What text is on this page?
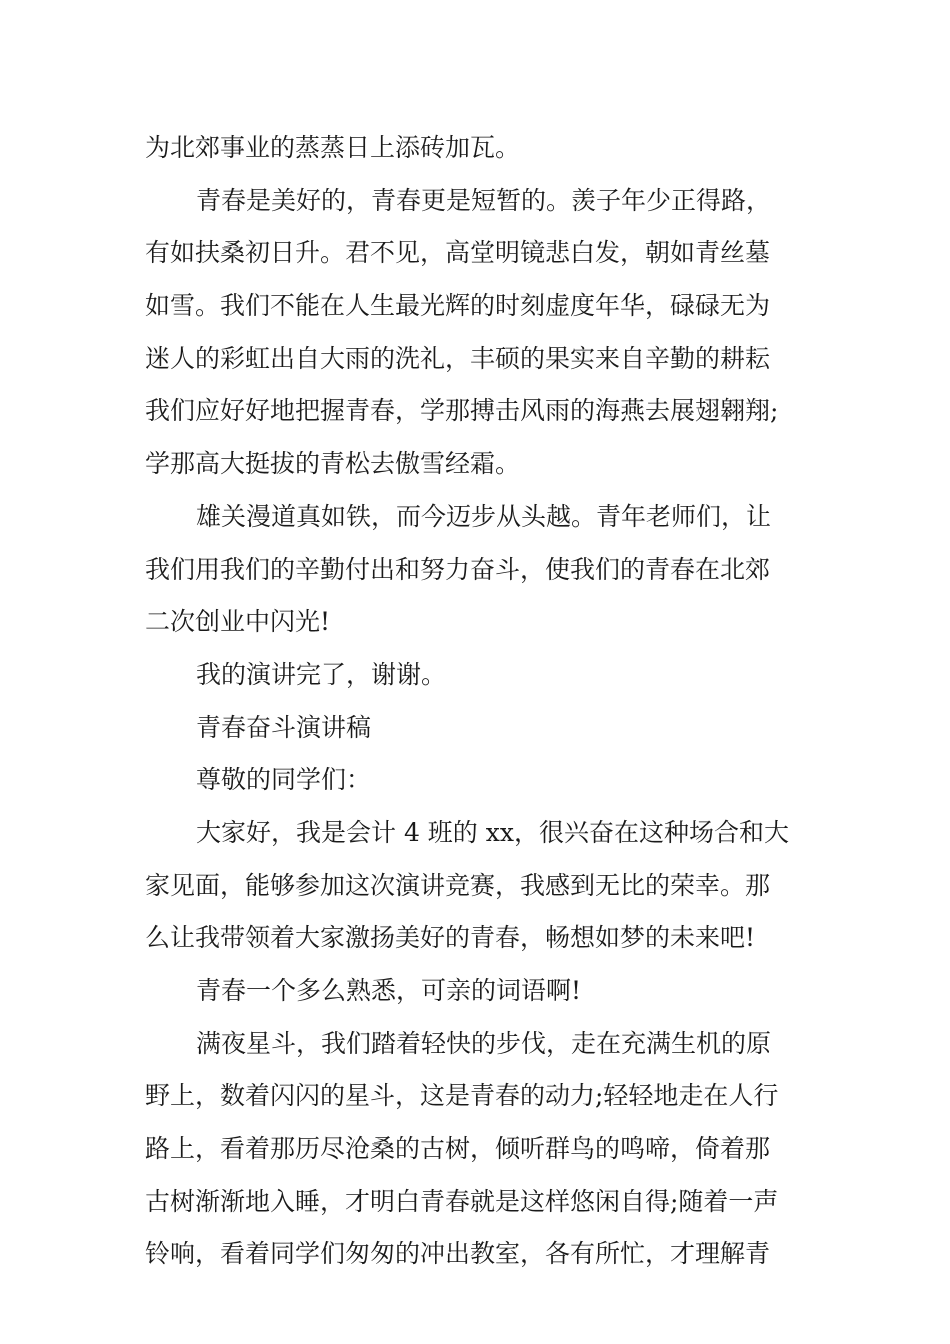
为北郊事业的蒸蒸日上添砖加瓦。
青春是美好的，青春更是短暂的。羡子年少正得路，
有如扶桑初日升。君不见，高堂明镜悲白发，朝如青丝墓
如雪。我们不能在人生最光辉的时刻虚度年华，碌碌无为
迷人的彩虹出自大雨的洗礼，丰硕的果实来自辛勤的耕耘
我们应好好地把握青春，学那搏击风雨的海燕去展翅翱翔;
学那高大挺拔的青松去傲雪经霜。
雄关漫道真如铁，而今迈步从头越。青年老师们，让
我们用我们的辛勤付出和努力奋斗，使我们的青春在北郊
二次创业中闪光!
我的演讲完了，谢谢。
青春奋斗演讲稿
尊敬的同学们：
大家好，我是会计 4 班的 xx，很兴奋在这种场合和大
家见面，能够参加这次演讲竞赛，我感到无比的荣幸。那
么让我带领着大家激扬美好的青春，畅想如梦的未来吧!
青春一个多么熟悉，可亲的词语啊!
满夜星斗，我们踏着轻快的步伐，走在充满生机的原
野上，数着闪闪的星斗，这是青春的动力;轻轻地走在人行
路上，看着那历尽沧桑的古树，倾听群鸟的鸣啼，倚着那
古树渐渐地入睡，才明白青春就是这样悠闲自得;随着一声
铃响，看着同学们匆匆的冲出教室，各有所忙，才理解青
